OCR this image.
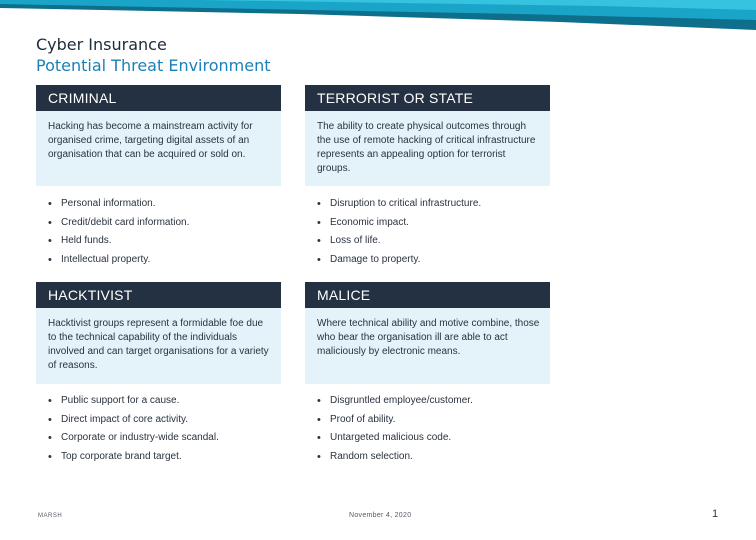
Cyber Insurance
Potential Threat Environment
CRIMINAL
Hacking has become a mainstream activity for organised crime, targeting digital assets of an organisation that can be acquired or sold on.
• Personal information.
• Credit/debit card information.
• Held funds.
• Intellectual property.
TERRORIST OR STATE
The ability to create physical outcomes through the use of remote hacking of critical infrastructure represents an appealing option for terrorist groups.
• Disruption to critical infrastructure.
• Economic impact.
• Loss of life.
• Damage to property.
HACKTIVIST
Hacktivist groups represent a formidable foe due to the technical capability of the individuals involved and can target organisations for a variety of reasons.
• Public support for a cause.
• Direct impact of core activity.
• Corporate or industry-wide scandal.
• Top corporate brand target.
MALICE
Where technical ability and motive combine, those who bear the organisation ill are able to act maliciously by electronic means.
• Disgruntled employee/customer.
• Proof of ability.
• Untargeted malicious code.
• Random selection.
MARSH	November 4, 2020	1
